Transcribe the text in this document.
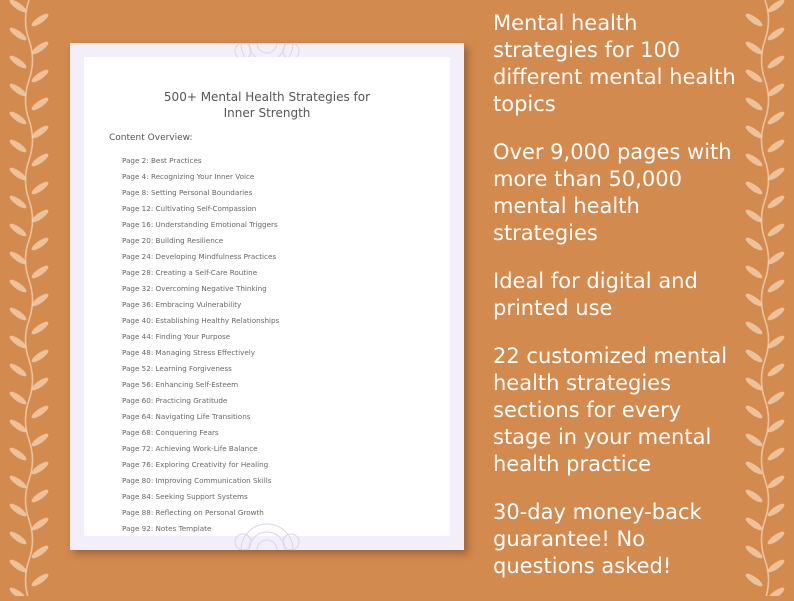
500+ Mental Health Strategies for
Inner Strength
Content Overview:
Page 2: Best Practices
Page 4: Recognizing Your Inner Voice
Page 8: Setting Personal Boundaries
Page 12: Cultivating Self-Compassion
Page 16: Understanding Emotional Triggers
Page 20: Building Resilience
Page 24: Developing Mindfulness Practices
Page 28: Creating a Self-Care Routine
Page 32: Overcoming Negative Thinking
Page 36: Embracing Vulnerability
Page 40: Establishing Healthy Relationships
Page 44: Finding Your Purpose
Page 48: Managing Stress Effectively
Page 52: Learning Forgiveness
Page 56: Enhancing Self-Esteem
Page 60: Practicing Gratitude
Page 64: Navigating Life Transitions
Page 68: Conquering Fears
Page 72: Achieving Work-Life Balance
Page 76: Exploring Creativity for Healing
Page 80: Improving Communication Skills
Page 84: Seeking Support Systems
Page 88: Reflecting on Personal Growth
Page 92: Notes Template

Mental health strategies for 100 different mental health topics

Over 9,000 pages with more than 50,000 mental health strategies

Ideal for digital and printed use

22 customized mental health strategies sections for every stage in your mental health practice

30-day money-back guarantee! No questions asked!
